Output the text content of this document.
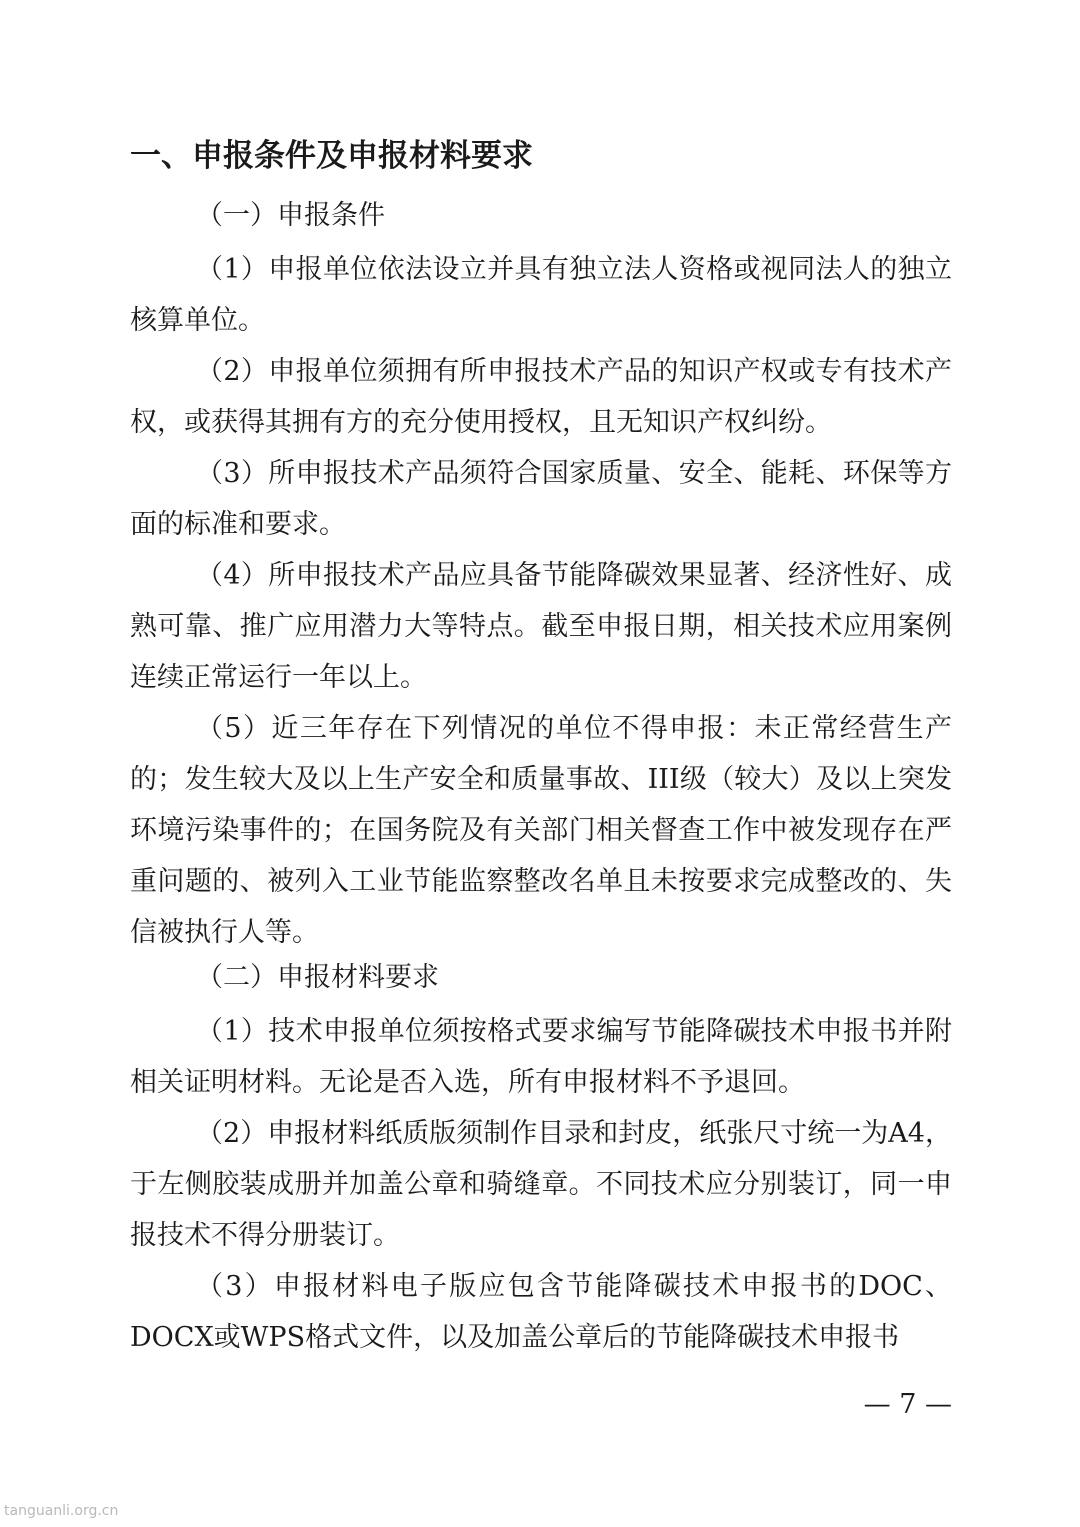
一、申报条件及申报材料要求
（一）申报条件
（1）申报单位依法设立并具有独立法人资格或视同法人的独立核算单位。
（2）申报单位须拥有所申报技术产品的知识产权或专有技术产权，或获得其拥有方的充分使用授权，且无知识产权纠纷。
（3）所申报技术产品须符合国家质量、安全、能耗、环保等方面的标准和要求。
（4）所申报技术产品应具备节能降碳效果显著、经济性好、成熟可靠、推广应用潜力大等特点。截至申报日期，相关技术应用案例连续正常运行一年以上。
（5）近三年存在下列情况的单位不得申报：未正常经营生产的；发生较大及以上生产安全和质量事故、III级（较大）及以上突发环境污染事件的；在国务院及有关部门相关督查工作中被发现存在严重问题的、被列入工业节能监察整改名单且未按要求完成整改的、失信被执行人等。
（二）申报材料要求
（1）技术申报单位须按格式要求编写节能降碳技术申报书并附相关证明材料。无论是否入选，所有申报材料不予退回。
（2）申报材料纸质版须制作目录和封皮，纸张尺寸统一为A4，于左侧胶装成册并加盖公章和骑缝章。不同技术应分别装订，同一申报技术不得分册装订。
（3）申报材料电子版应包含节能降碳技术申报书的DOC、DOCX或WPS格式文件，以及加盖公章后的节能降碳技术申报书
— 7 —
tanguanli.org.cn
